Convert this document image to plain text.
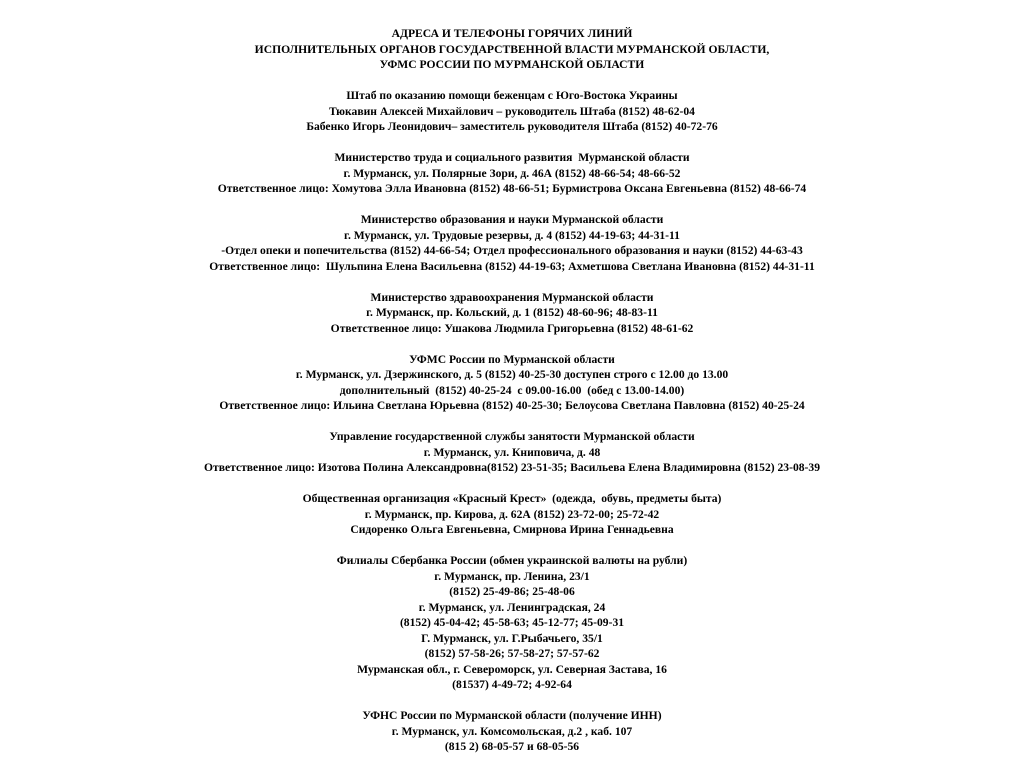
АДРЕСА И ТЕЛЕФОНЫ ГОРЯЧИХ ЛИНИЙ
ИСПОЛНИТЕЛЬНЫХ ОРГАНОВ ГОСУДАРСТВЕННОЙ ВЛАСТИ МУРМАНСКОЙ ОБЛАСТИ,
УФМС РОССИИ ПО МУРМАНСКОЙ ОБЛАСТИ
Штаб по оказанию помощи беженцам с Юго-Востока Украины
Тюкавин Алексей Михайлович – руководитель Штаба (8152) 48-62-04
Бабенко Игорь Леонидович– заместитель руководителя Штаба (8152) 40-72-76
Министерство труда и социального развития  Мурманской области
г. Мурманск, ул. Полярные Зори, д. 46А (8152) 48-66-54; 48-66-52
Ответственное лицо: Хомутова Элла Ивановна (8152) 48-66-51; Бурмистрова Оксана Евгеньевна (8152) 48-66-74
Министерство образования и науки Мурманской области
г. Мурманск, ул. Трудовые резервы, д. 4 (8152) 44-19-63; 44-31-11
-Отдел опеки и попечительства (8152) 44-66-54; Отдел профессионального образования и науки (8152) 44-63-43
Ответственное лицо:  Шульпина Елена Васильевна (8152) 44-19-63; Ахметшова Светлана Ивановна (8152) 44-31-11
Министерство здравоохранения Мурманской области
г. Мурманск, пр. Кольский, д. 1 (8152) 48-60-96; 48-83-11
Ответственное лицо: Ушакова Людмила Григорьевна (8152) 48-61-62
УФМС России по Мурманской области
г. Мурманск, ул. Дзержинского, д. 5 (8152) 40-25-30 доступен строго с 12.00 до 13.00
дополнительный  (8152) 40-25-24  с 09.00-16.00  (обед с 13.00-14.00)
Ответственное лицо: Ильина Светлана Юрьевна (8152) 40-25-30; Белоусова Светлана Павловна (8152) 40-25-24
Управление государственной службы занятости Мурманской области
г. Мурманск, ул. Книповича, д. 48
Ответственное лицо: Изотова Полина Александровна(8152) 23-51-35; Васильева Елена Владимировна (8152) 23-08-39
Общественная организация «Красный Крест»  (одежда,  обувь, предметы быта)
г. Мурманск, пр. Кирова, д. 62А (8152) 23-72-00; 25-72-42
Сидоренко Ольга Евгеньевна, Смирнова Ирина Геннадьевна
Филиалы Сбербанка России (обмен украинской валюты на рубли)
г. Мурманск, пр. Ленина, 23/1
(8152) 25-49-86; 25-48-06
г. Мурманск, ул. Ленинградская, 24
(8152) 45-04-42; 45-58-63; 45-12-77; 45-09-31
Г. Мурманск, ул. Г.Рыбачьего, 35/1
(8152) 57-58-26; 57-58-27; 57-57-62
Мурманская обл., г. Североморск, ул. Северная Застава, 16
(81537) 4-49-72; 4-92-64
УФНС России по Мурманской области (получение ИНН)
г. Мурманск, ул. Комсомольская, д.2 , каб. 107
(815 2) 68-05-57 и 68-05-56
